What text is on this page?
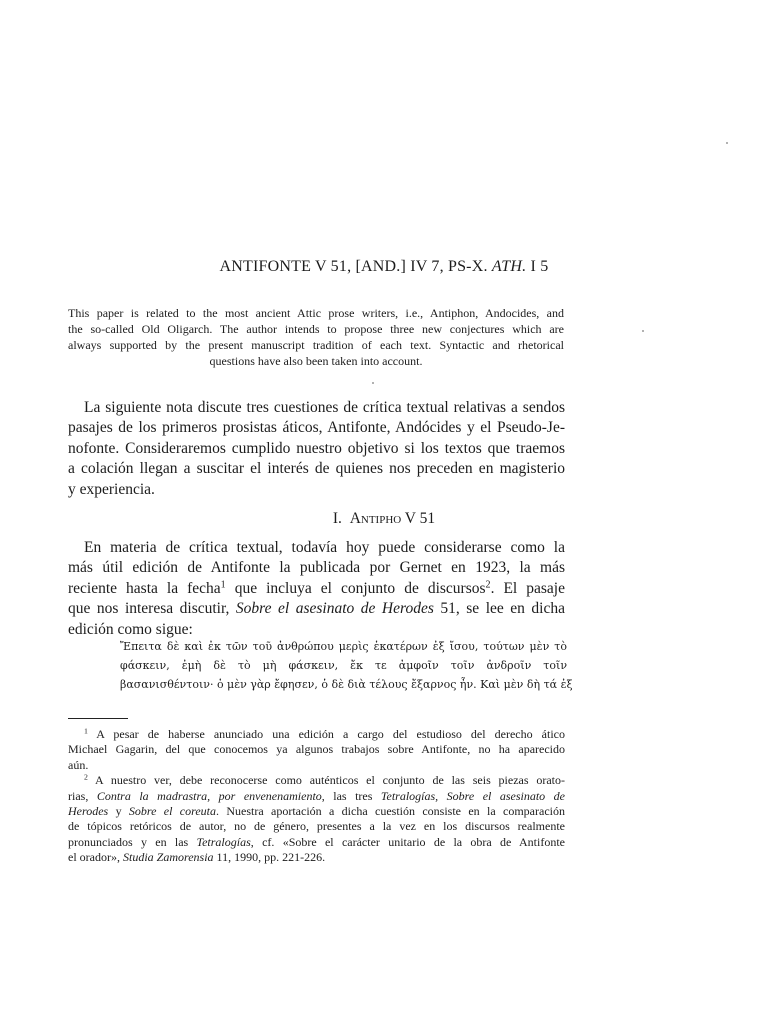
ANTIFONTE V 51, [AND.] IV 7, PS-X. ATH. I 5
This paper is related to the most ancient Attic prose writers, i.e., Antiphon, Andocides, and
the so-called Old Oligarch. The author intends to propose three new conjectures which are
always supported by the present manuscript tradition of each text. Syntactic and rhetorical
questions have also been taken into account.
La siguiente nota discute tres cuestiones de crítica textual relativas a sendos
pasajes de los primeros prosistas áticos, Antifonte, Andócides y el Pseudo-Je-
nofonte. Consideraremos cumplido nuestro objetivo si los textos que traemos
a colación llegan a suscitar el interés de quienes nos preceden en magisterio
y experiencia.
I. Antipho V 51
En materia de crítica textual, todavía hoy puede considerarse como la
más útil edición de Antifonte la publicada por Gernet en 1923, la más
reciente hasta la fecha$^1$ que incluya el conjunto de discursos$^2$. El pasaje
que nos interesa discutir, Sobre el asesinato de Herodes 51, se lee en dicha
edición como sigue:
Ἔπειτα δὲ καὶ ἐκ τῶν τοῦ ἀνθρώπου μερὶς ἑκατέρων ἐξ ἴσου, τούτων μὲν τὸ
φάσκειν, ἐμὴ δὲ τὸ μὴ φάσκειν, ἔκ τε ἀμφοῖν τοῖν ἀνδροῖν τοῖν
βασανισθέντοιν· ὁ μὲν γὰρ ἔφησεν, ὁ δὲ διὰ τέλους ἔξαρνος ἦν. Καὶ μὲν δὴ τά ἐξ
$^1$ A pesar de haberse anunciado una edición a cargo del estudioso del derecho ático
Michael Gagarin, del que conocemos ya algunos trabajos sobre Antifonte, no ha aparecido
aún.
$^2$ A nuestro ver, debe reconocerse como auténticos el conjunto de las seis piezas orato-
rias, Contra la madrastra, por envenenamiento, las tres Tetralogías, Sobre el asesinato de
Herodes y Sobre el coreuta. Nuestra aportación a dicha cuestión consiste en la comparación
de tópicos retóricos de autor, no de género, presentes a la vez en los discursos realmente
pronunciados y en las Tetralogías, cf. «Sobre el carácter unitario de la obra de Antifonte
el orador», Studia Zamorensia 11, 1990, pp. 221-226.
